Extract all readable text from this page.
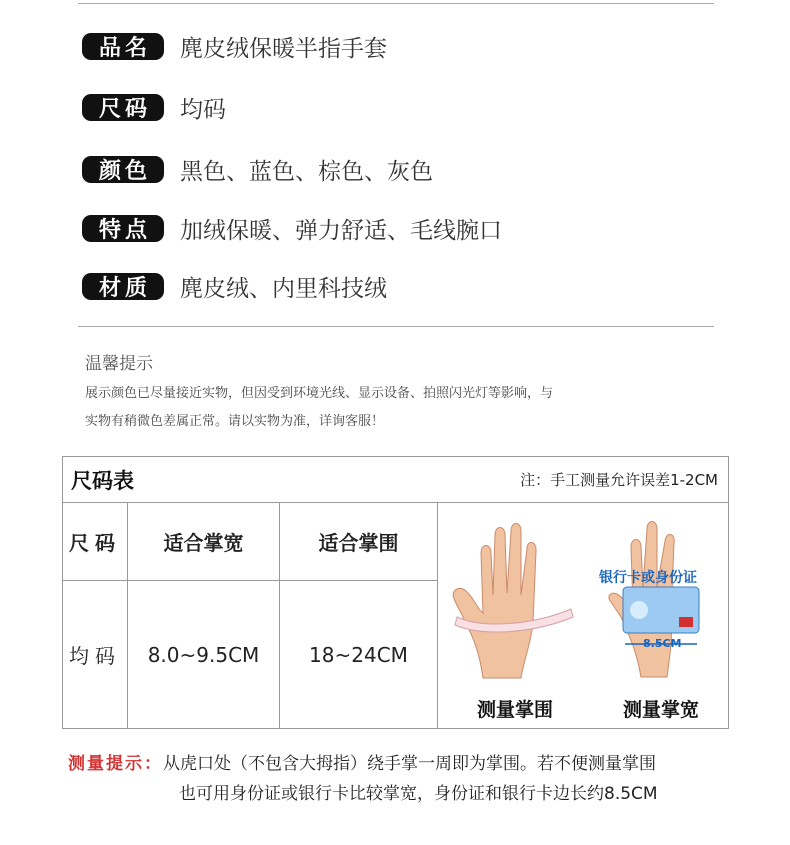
品名	麂皮绒保暖半指手套
尺码	均码
颜色	黑色、蓝色、棕色、灰色
特点	加绒保暖、弹力舒适、毛线腕口
材质	麂皮绒、内里科技绒
温馨提示
展示颜色已尽量接近实物，但因受到环境光线、显示设备、拍照闪光灯等影响，与
实物有稍微色差属正常。请以实物为准，详询客服！
尺码表	注：手工测量允许误差1-2CM
尺码	适合掌宽	适合掌围
均码	8.0~9.5CM	18~24CM
银行卡或身份证
8.5CM
测量掌围	测量掌宽
测量提示：从虎口处（不包含大拇指）绕手掌一周即为掌围。若不便测量掌围
也可用身份证或银行卡比较掌宽，身份证和银行卡边长约8.5CM
